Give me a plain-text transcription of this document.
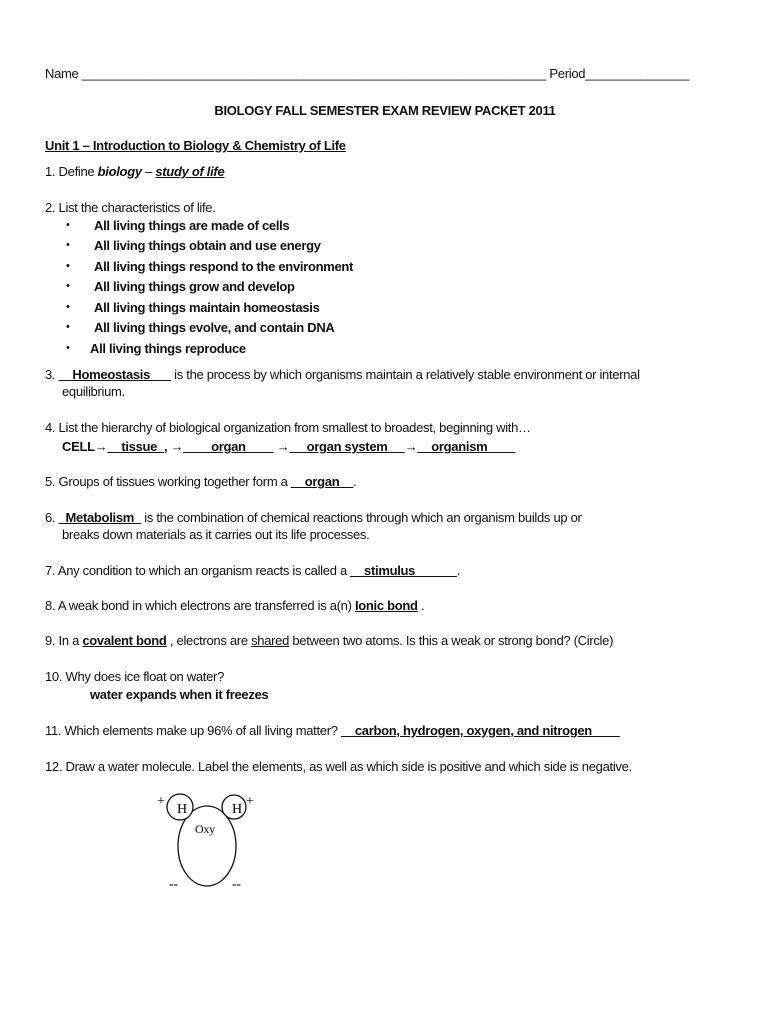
Name ___________________________________________________________________ Period_______________
BIOLOGY FALL SEMESTER EXAM REVIEW PACKET 2011
Unit 1 – Introduction to Biology & Chemistry of Life
1. Define biology – study of life
2. List the characteristics of life.
• All living things are made of cells
• All living things obtain and use energy
• All living things respond to the environment
• All living things grow and develop
• All living things maintain homeostasis
• All living things evolve, and contain DNA
• All living things reproduce
3. __Homeostasis___ is the process by which organisms maintain a relatively stable environment or internal
equilibrium.
4. List the hierarchy of biological organization from smallest to broadest, beginning with…
CELL→__tissue_, →____organ____ → __organ system__ →__organism____
5. Groups of tissues working together form a __organ__.
6. _Metabolism_ is the combination of chemical reactions through which an organism builds up or
breaks down materials as it carries out its life processes.
7. Any condition to which an organism reacts is called a __stimulus______.
8. A weak bond in which electrons are transferred is a(n) Ionic bond .
9. In a covalent bond , electrons are shared between two atoms. Is this a weak or strong bond? (Circle)
10. Why does ice float on water?
water expands when it freezes
11. Which elements make up 96% of all living matter? __carbon, hydrogen, oxygen, and nitrogen____
12. Draw a water molecule. Label the elements, as well as which side is positive and which side is negative.
H	H
Oxy
+	+
--	--
